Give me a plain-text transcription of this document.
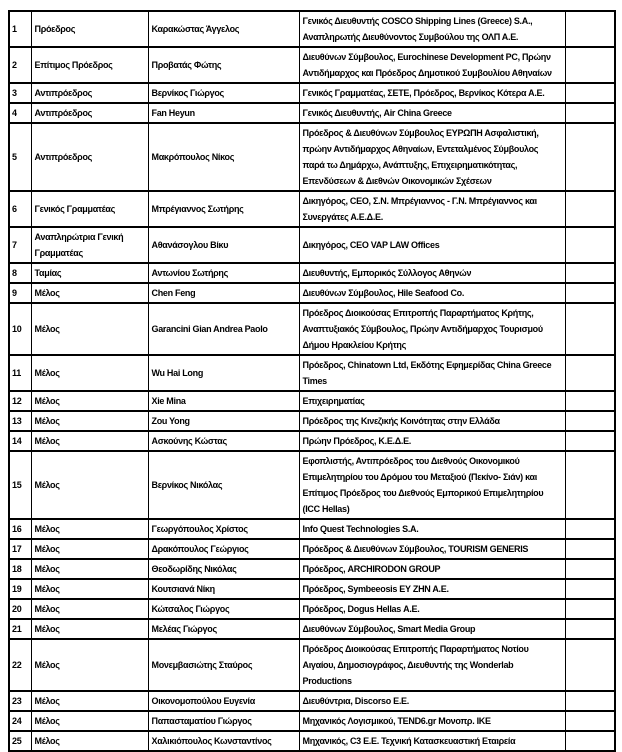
1	Πρόεδρος	Καρακώστας Άγγελος	Γενικός Διευθυντής COSCO Shipping Lines (Greece) S.A., Αναπληρωτής Διευθύνοντος Συμβούλου της ΟΛΠ Α.Ε.	
2	Επίτιμος Πρόεδρος	Προβατάς Φώτης	Διευθύνων Σύμβουλος, Eurochinese Development PC, Πρώην Αντιδήμαρχος και Πρόεδρος Δημοτικού Συμβουλίου Αθηναίων	
3	Αντιπρόεδρος	Βερνίκος Γιώργος	Γενικός Γραμματέας, ΣΕΤΕ, Πρόεδρος, Βερνίκος Κότερα Α.Ε.	
4	Αντιπρόεδρος	Fan Heyun	Γενικός Διευθυντής, Air China Greece	
5	Αντιπρόεδρος	Μακρόπουλος Νίκος	Πρόεδρος & Διευθύνων Σύμβουλος ΕΥΡΩΠΗ Ασφαλιστική, πρώην Αντιδήμαρχος Αθηναίων, Εντεταλμένος Σύμβουλος παρά τω Δημάρχω, Ανάπτυξης, Επιχειρηματικότητας, Επενδύσεων & Διεθνών Οικονομικών Σχέσεων	
6	Γενικός Γραμματέας	Μπρέγιαννος Σωτήρης	Δικηγόρος, CEO, Σ.Ν. Μπρέγιαννος - Γ.Ν. Μπρέγιαννος και Συνεργάτες Α.Ε.Δ.Ε.	
7	Αναπληρώτρια Γενική Γραμματέας	Αθανάσογλου Βίκυ	Δικηγόρος, CEO VAP LAW Offices	
8	Ταμίας	Αντωνίου Σωτήρης	Διευθυντής, Εμπορικός Σύλλογος Αθηνών	
9	Μέλος	Chen Feng	Διευθύνων Σύμβουλος, Hile Seafood Co.	
10	Μέλος	Garancini Gian Andrea Paolo	Πρόεδρος Διοικούσας Επιτροπής Παραρτήματος Κρήτης, Αναπτυξιακός Σύμβουλος, Πρώην Αντιδήμαρχος Τουρισμού Δήμου Ηρακλείου Κρήτης	
11	Μέλος	Wu Hai Long	Πρόεδρος, Chinatown Ltd, Εκδότης Εφημερίδας China Greece Times	
12	Μέλος	Xie Mina	Επιχειρηματίας	
13	Μέλος	Zou Yong	Πρόεδρος της Κινεζικής Κοινότητας στην Ελλάδα	
14	Μέλος	Ασκούνης Κώστας	Πρώην Πρόεδρος, Κ.Ε.Δ.Ε.	
15	Μέλος	Βερνίκος Νικόλας	Εφοπλιστής, Αντιπρόεδρος του Διεθνούς Οικονομικού Επιμελητηρίου του Δρόμου του Μεταξιού (Πεκίνο- Σιάν) και Επίτιμος Πρόεδρος του Διεθνούς Εμπορικού Επιμελητηρίου (ICC Hellas)	
16	Μέλος	Γεωργόπουλος Χρίστος	Info Quest Technologies S.A.	
17	Μέλος	Δρακόπουλος Γεώργιος	Πρόεδρος & Διευθύνων Σύμβουλος, TOURISM GENERIS	
18	Μέλος	Θεοδωρίδης Νικόλας	Πρόεδρος, ARCHIRODON GROUP	
19	Μέλος	Κουτσιανά Νίκη	Πρόεδρος, Symbeeosis ΕΥ ΖΗΝ Α.Ε.	
20	Μέλος	Κώτσαλος Γιώργος	Πρόεδρος, Dogus Hellas Α.Ε.	
21	Μέλος	Μελέας Γιώργος	Διευθύνων Σύμβουλος, Smart Media Group	
22	Μέλος	Μονεμβασιώτης Σταύρος	Πρόεδρος Διοικούσας Επιτροπής Παραρτήματος Νοτίου Αιγαίου, Δημοσιογράφος, Διευθυντής της Wonderlab Productions	
23	Μέλος	Οικονομοπούλου Ευγενία	Διευθύντρια, Discorso Ε.Ε.	
24	Μέλος	Παπασταματίου Γιώργος	Μηχανικός Λογισμικού, TEND6.gr Μονοπρ. ΙΚΕ	
25	Μέλος	Χαλικιόπουλος Κωνσταντίνος	Μηχανικός, C3 Ε.Ε. Τεχνική Κατασκευαστική Εταιρεία	
